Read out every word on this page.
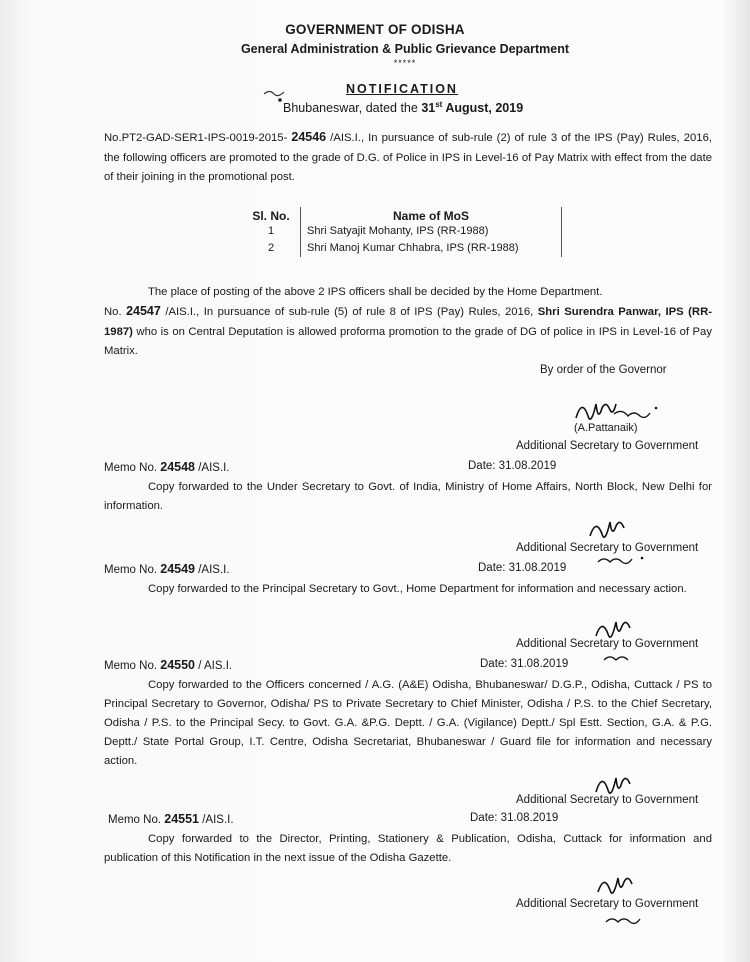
GOVERNMENT OF ODISHA
General Administration & Public Grievance Department
*****
NOTIFICATION
Bhubaneswar, dated the 31st August, 2019
No.PT2-GAD-SER1-IPS-0019-2015- 24546 /AIS.I., In pursuance of sub-rule (2) of rule 3 of the IPS (Pay) Rules, 2016, the following officers are promoted to the grade of D.G. of Police in IPS in Level-16 of Pay Matrix with effect from the date of their joining in the promotional post.
Sl. No.	Name of MoS
1	Shri Satyajit Mohanty, IPS (RR-1988)
2	Shri Manoj Kumar Chhabra, IPS (RR-1988)
The place of posting of the above 2 IPS officers shall be decided by the Home Department.
No. 24547 /AIS.I., In pursuance of sub-rule (5) of rule 8 of IPS (Pay) Rules, 2016, Shri Surendra Panwar, IPS (RR-1987) who is on Central Deputation is allowed proforma promotion to the grade of DG of police in IPS in Level-16 of Pay Matrix.
By order of the Governor
(A.Pattanaik)
Additional Secretary to Government
Memo No. 24548 /AIS.I.	Date: 31.08.2019
Copy forwarded to the Under Secretary to Govt. of India, Ministry of Home Affairs, North Block, New Delhi for information.
Additional Secretary to Government
Memo No. 24549 /AIS.I.	Date: 31.08.2019
Copy forwarded to the Principal Secretary to Govt., Home Department for information and necessary action.
Additional Secretary to Government
Memo No. 24550 / AIS.I.	Date: 31.08.2019
Copy forwarded to the Officers concerned / A.G. (A&E) Odisha, Bhubaneswar/ D.G.P., Odisha, Cuttack / PS to Principal Secretary to Governor, Odisha/ PS to Private Secretary to Chief Minister, Odisha / P.S. to the Chief Secretary, Odisha / P.S. to the Principal Secy. to Govt. G.A. &P.G. Deptt. / G.A. (Vigilance) Deptt./ Spl Estt. Section, G.A. & P.G. Deptt./ State Portal Group, I.T. Centre, Odisha Secretariat, Bhubaneswar / Guard file for information and necessary action.
Additional Secretary to Government
Memo No. 24551 /AIS.I.	Date: 31.08.2019
Copy forwarded to the Director, Printing, Stationery & Publication, Odisha, Cuttack for information and publication of this Notification in the next issue of the Odisha Gazette.
Additional Secretary to Government
